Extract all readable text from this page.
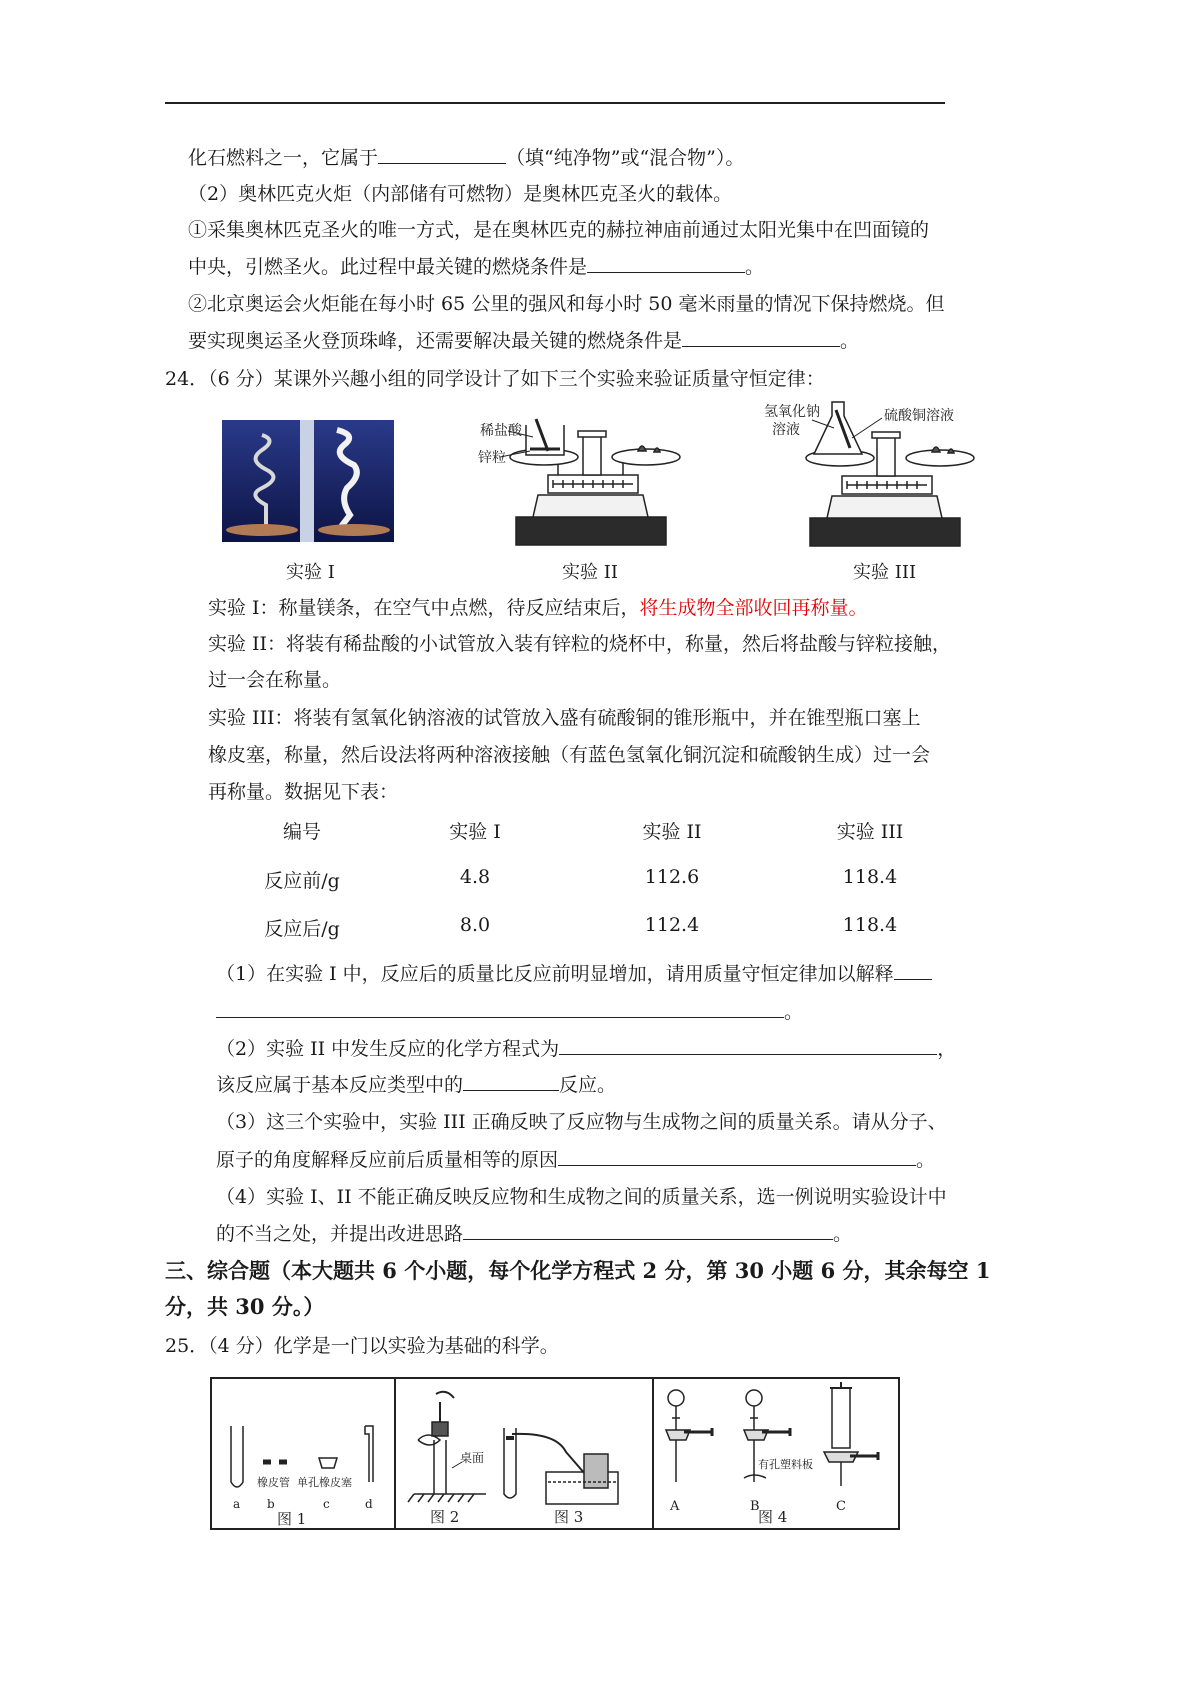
化石燃料之一，它属于	（填“纯净物”或“混合物”）。
（2）奥林匹克火炬（内部储有可燃物）是奥林匹克圣火的载体。
①采集奥林匹克圣火的唯一方式，是在奥林匹克的赫拉神庙前通过太阳光集中在凹面镜的
中央，引燃圣火。此过程中最关键的燃烧条件是	。
②北京奥运会火炬能在每小时 65 公里的强风和每小时 50 毫米雨量的情况下保持燃烧。但
要实现奥运圣火登顶珠峰，还需要解决最关键的燃烧条件是	。
24．（6 分）某课外兴趣小组的同学设计了如下三个实验来验证质量守恒定律：
稀盐酸
锌粒
氢氧化钠
溶液
硫酸铜溶液
实验 I	实验 II	实验 III
实验 I：称量镁条，在空气中点燃，待反应结束后，将生成物全部收回再称量。
实验 II：将装有稀盐酸的小试管放入装有锌粒的烧杯中，称量，然后将盐酸与锌粒接触，
过一会在称量。
实验 III：将装有氢氧化钠溶液的试管放入盛有硫酸铜的锥形瓶中，并在锥型瓶口塞上
橡皮塞，称量，然后设法将两种溶液接触（有蓝色氢氧化铜沉淀和硫酸钠生成）过一会
再称量。数据见下表：
编号	实验 I	实验 II	实验 III
反应前/g	4.8	112.6	118.4
反应后/g	8.0	112.4	118.4
（1）在实验 I 中，反应后的质量比反应前明显增加，请用质量守恒定律加以解释
。
（2）实验 II 中发生反应的化学方程式为	，
该反应属于基本反应类型中的	反应。
（3）这三个实验中，实验 III 正确反映了反应物与生成物之间的质量关系。请从分子、
原子的角度解释反应前后质量相等的原因	。
（4）实验 I、II 不能正确反映反应物和生成物之间的质量关系，选一例说明实验设计中
的不当之处，并提出改进思路	。
三、综合题（本大题共 6 个小题，每个化学方程式 2 分，第 30 小题 6 分，其余每空 1
分，共 30 分。）
25．（4 分）化学是一门以实验为基础的科学。
橡皮管 单孔橡皮塞
a b	c	d
图 1
桌面
图 2	图 3
有孔塑料板
A	B	C
图 4
